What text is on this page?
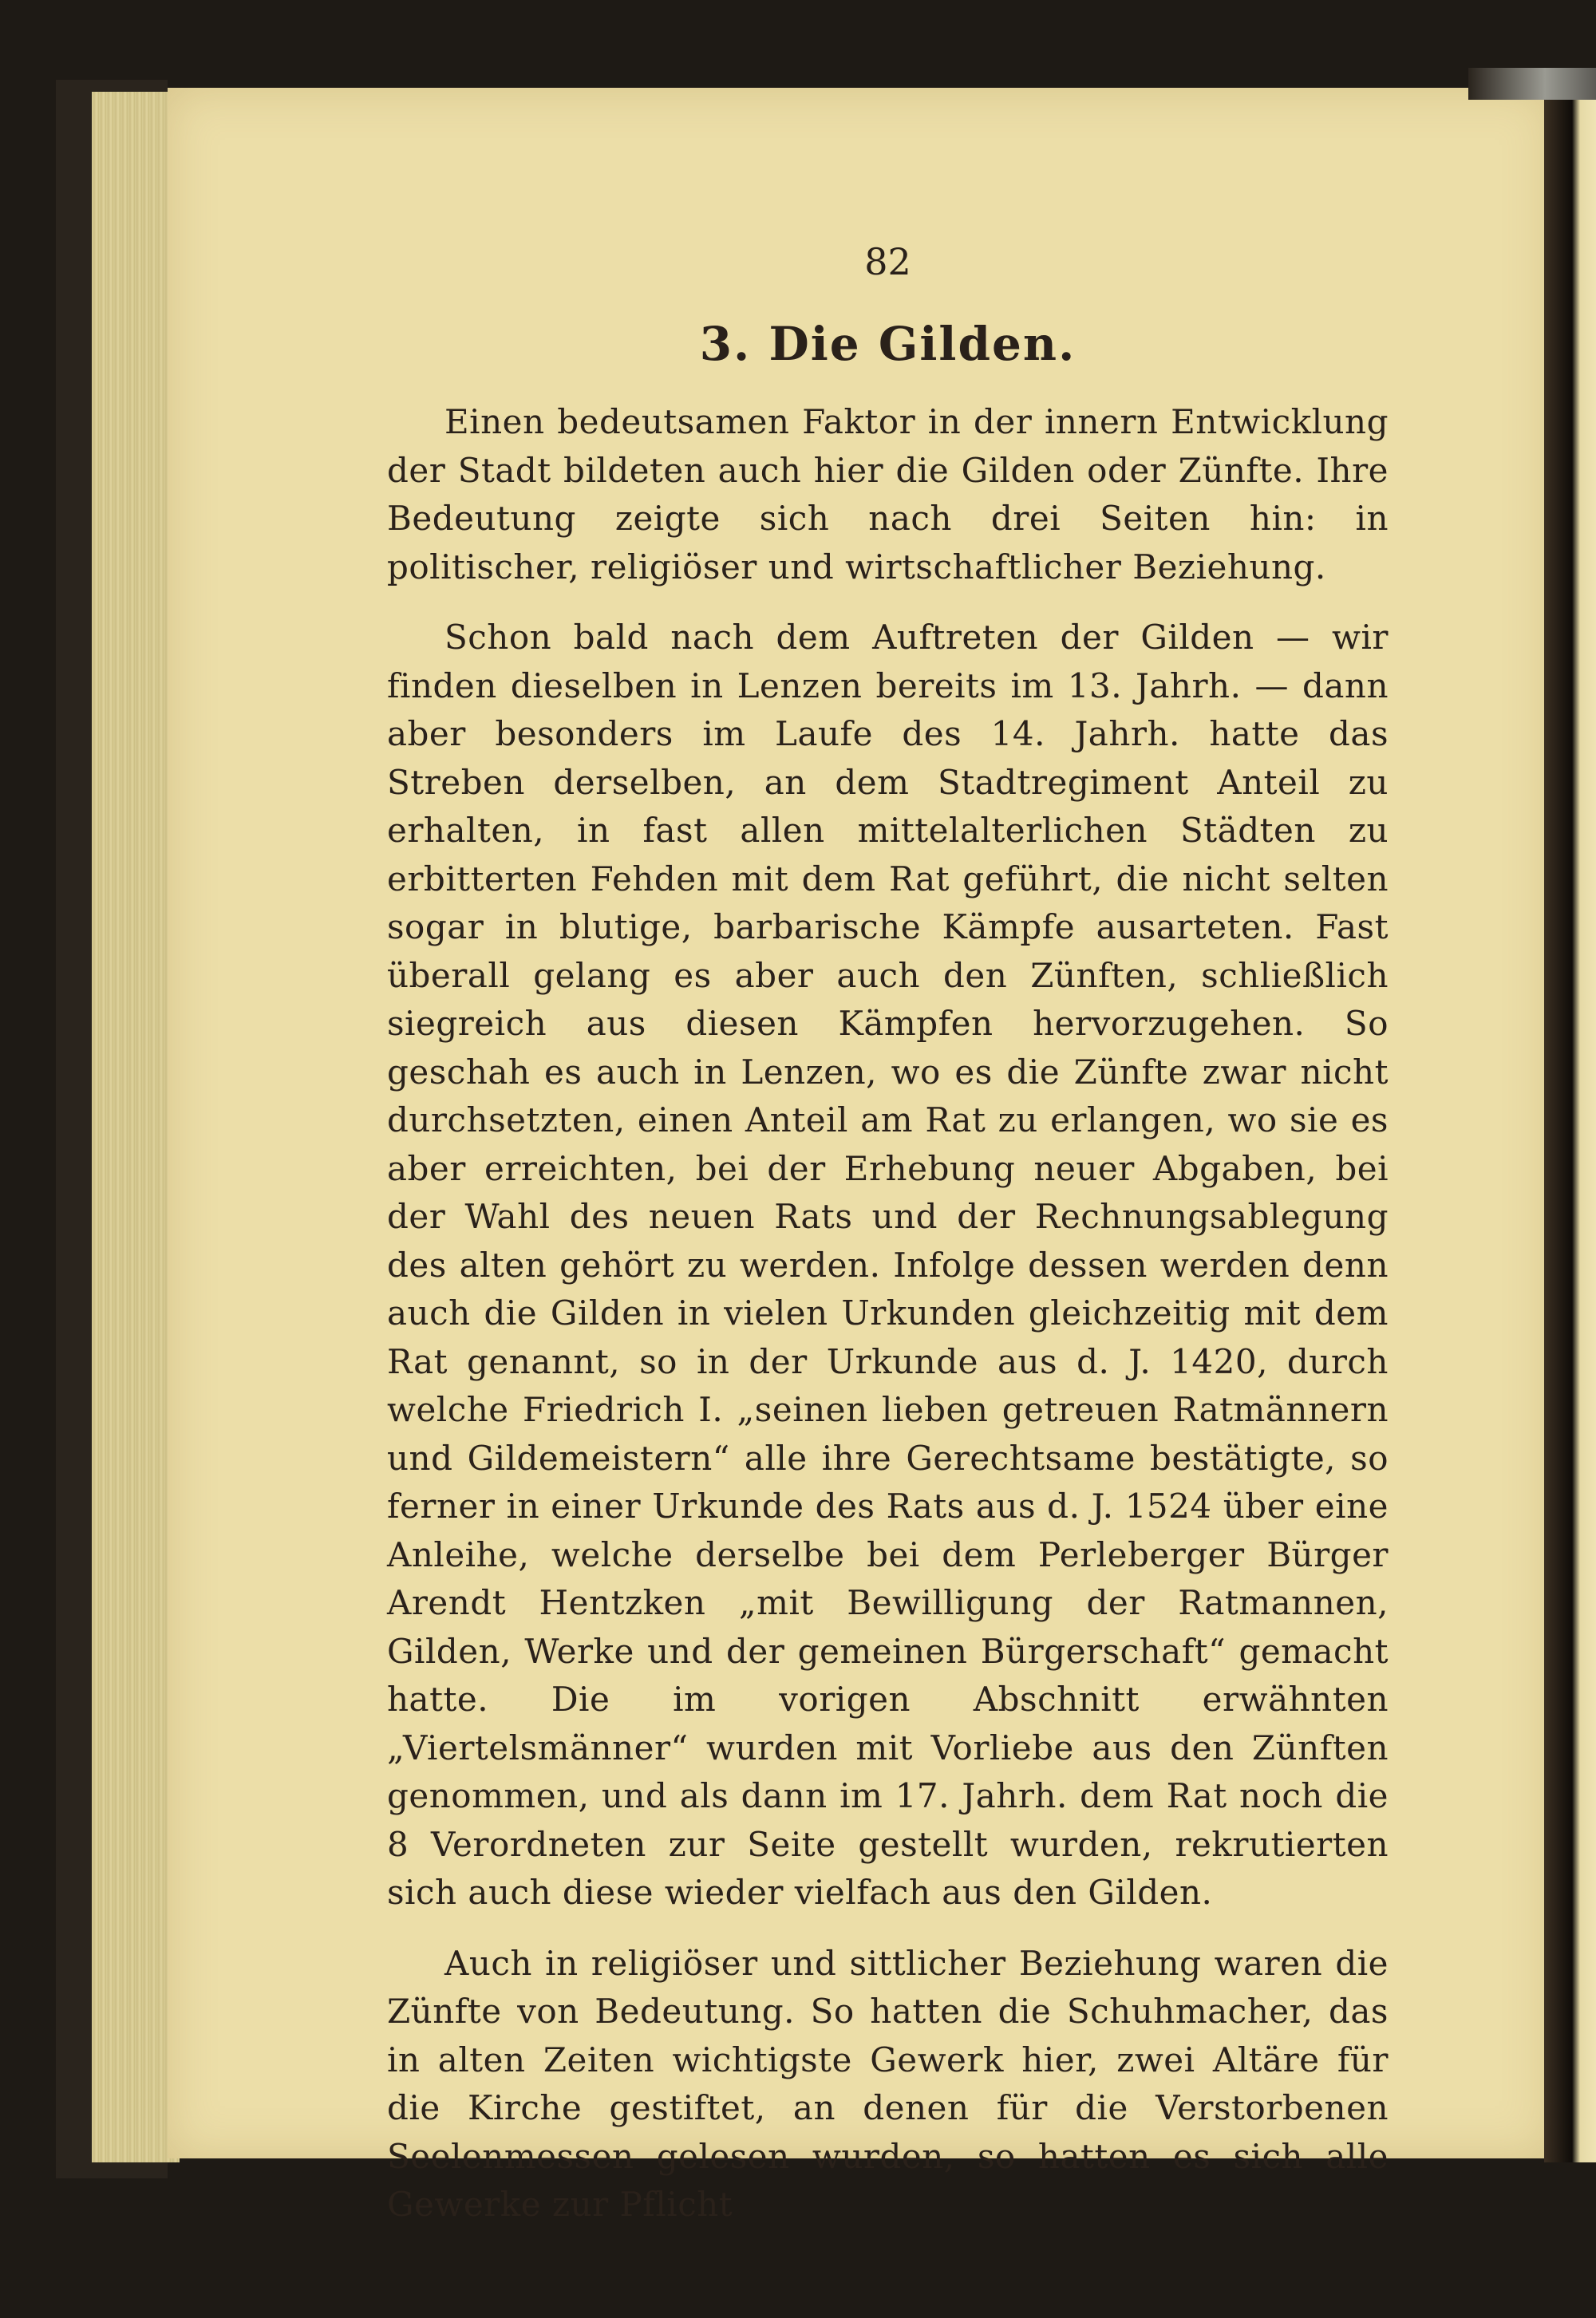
82
3. Die Gilden.

Einen bedeutsamen Faktor in der innern Entwicklung der Stadt bildeten auch hier die Gilden oder Zünfte. Ihre Bedeutung zeigte sich nach drei Seiten hin: in politischer, religiöser und wirtschaftlicher Beziehung.

Schon bald nach dem Auftreten der Gilden — wir finden dieselben in Lenzen bereits im 13. Jahrh. — dann aber besonders im Laufe des 14. Jahrh. hatte das Streben derselben, an dem Stadtregiment Anteil zu erhalten, in fast allen mittelalterlichen Städten zu erbitterten Fehden mit dem Rat geführt, die nicht selten sogar in blutige, barbarische Kämpfe ausarteten. Fast überall gelang es aber auch den Zünften, schließlich siegreich aus diesen Kämpfen hervorzugehen. So geschah es auch in Lenzen, wo es die Zünfte zwar nicht durchsetzten, einen Anteil am Rat zu erlangen, wo sie es aber erreichten, bei der Erhebung neuer Abgaben, bei der Wahl des neuen Rats und der Rechnungsablegung des alten gehört zu werden. Infolge dessen werden denn auch die Gilden in vielen Urkunden gleichzeitig mit dem Rat genannt, so in der Urkunde aus d. J. 1420, durch welche Friedrich I. „seinen lieben getreuen Ratmännern und Gildemeistern“ alle ihre Gerechtsame bestätigte, so ferner in einer Urkunde des Rats aus d. J. 1524 über eine Anleihe, welche derselbe bei dem Perleberger Bürger Arendt Hentzken „mit Bewilligung der Ratmannen, Gilden, Werke und der gemeinen Bürgerschaft“ gemacht hatte. Die im vorigen Abschnitt erwähnten „Viertelsmänner“ wurden mit Vorliebe aus den Zünften genommen, und als dann im 17. Jahrh. dem Rat noch die 8 Verordneten zur Seite gestellt wurden, rekrutierten sich auch diese wieder vielfach aus den Gilden.

Auch in religiöser und sittlicher Beziehung waren die Zünfte von Bedeutung. So hatten die Schuhmacher, das in alten Zeiten wichtigste Gewerk hier, zwei Altäre für die Kirche gestiftet, an denen für die Verstorbenen Seelenmessen gelesen wurden, so hatten es sich alle Gewerke zur Pflicht
